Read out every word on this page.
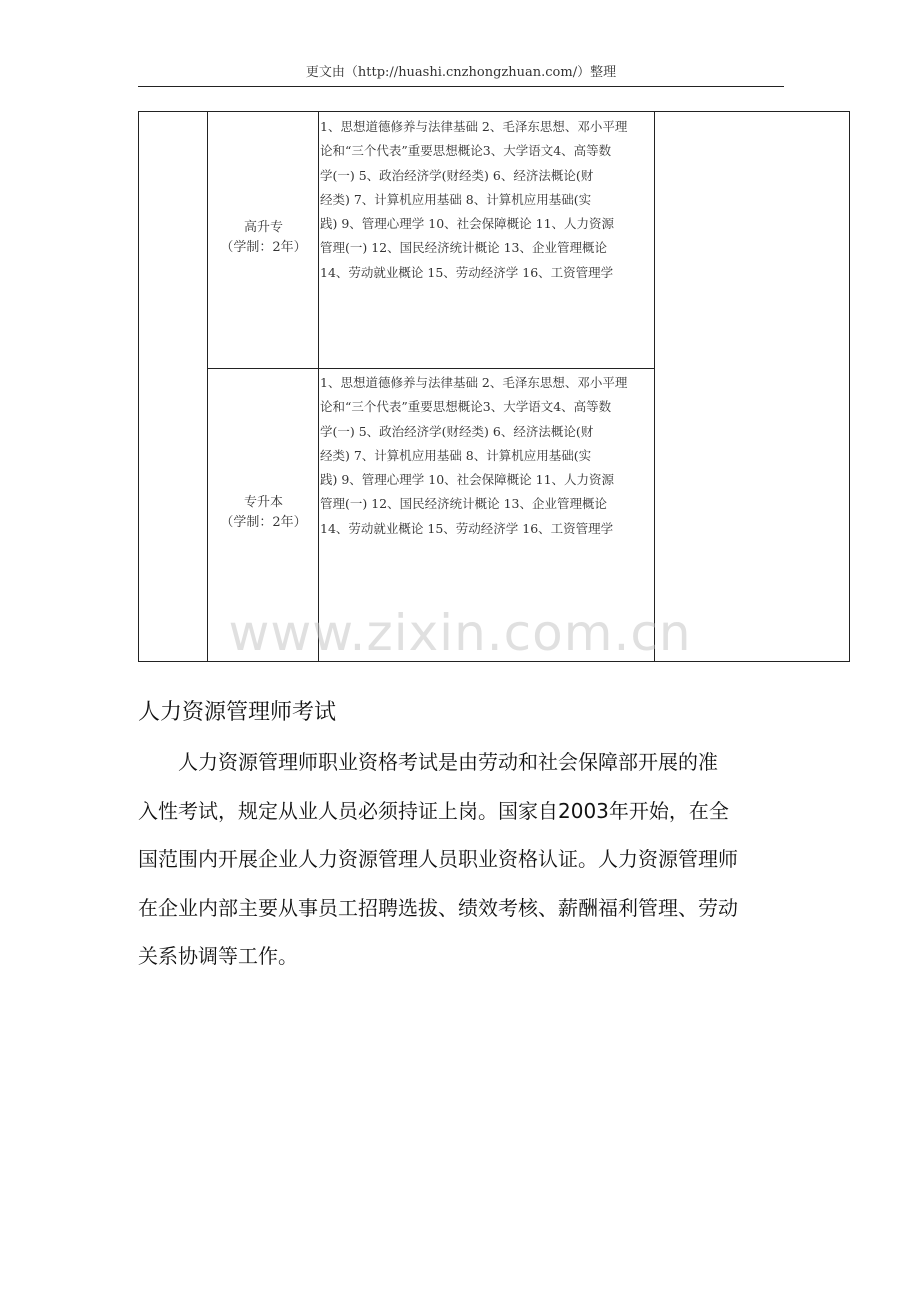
更文由（http://huashi.cnzhongzhuan.com/）整理
高升专
（学制：2年）
1、思想道德修养与法律基础 2、毛泽东思想、邓小平理
论和“三个代表”重要思想概论3、大学语文4、高等数
学(一) 5、政治经济学(财经类) 6、经济法概论(财
经类) 7、计算机应用基础 8、计算机应用基础(实
践) 9、管理心理学 10、社会保障概论 11、人力资源
管理(一) 12、国民经济统计概论 13、企业管理概论
14、劳动就业概论 15、劳动经济学 16、工资管理学
专升本
（学制：2年）
1、思想道德修养与法律基础 2、毛泽东思想、邓小平理
论和“三个代表”重要思想概论3、大学语文4、高等数
学(一) 5、政治经济学(财经类) 6、经济法概论(财
经类) 7、计算机应用基础 8、计算机应用基础(实
践) 9、管理心理学 10、社会保障概论 11、人力资源
管理(一) 12、国民经济统计概论 13、企业管理概论
14、劳动就业概论 15、劳动经济学 16、工资管理学
www.zixin.com.cn
人力资源管理师考试
人力资源管理师职业资格考试是由劳动和社会保障部开展的准
入性考试，规定从业人员必须持证上岗。国家自2003年开始，在全
国范围内开展企业人力资源管理人员职业资格认证。人力资源管理师
在企业内部主要从事员工招聘选拔、绩效考核、薪酬福利管理、劳动
关系协调等工作。
